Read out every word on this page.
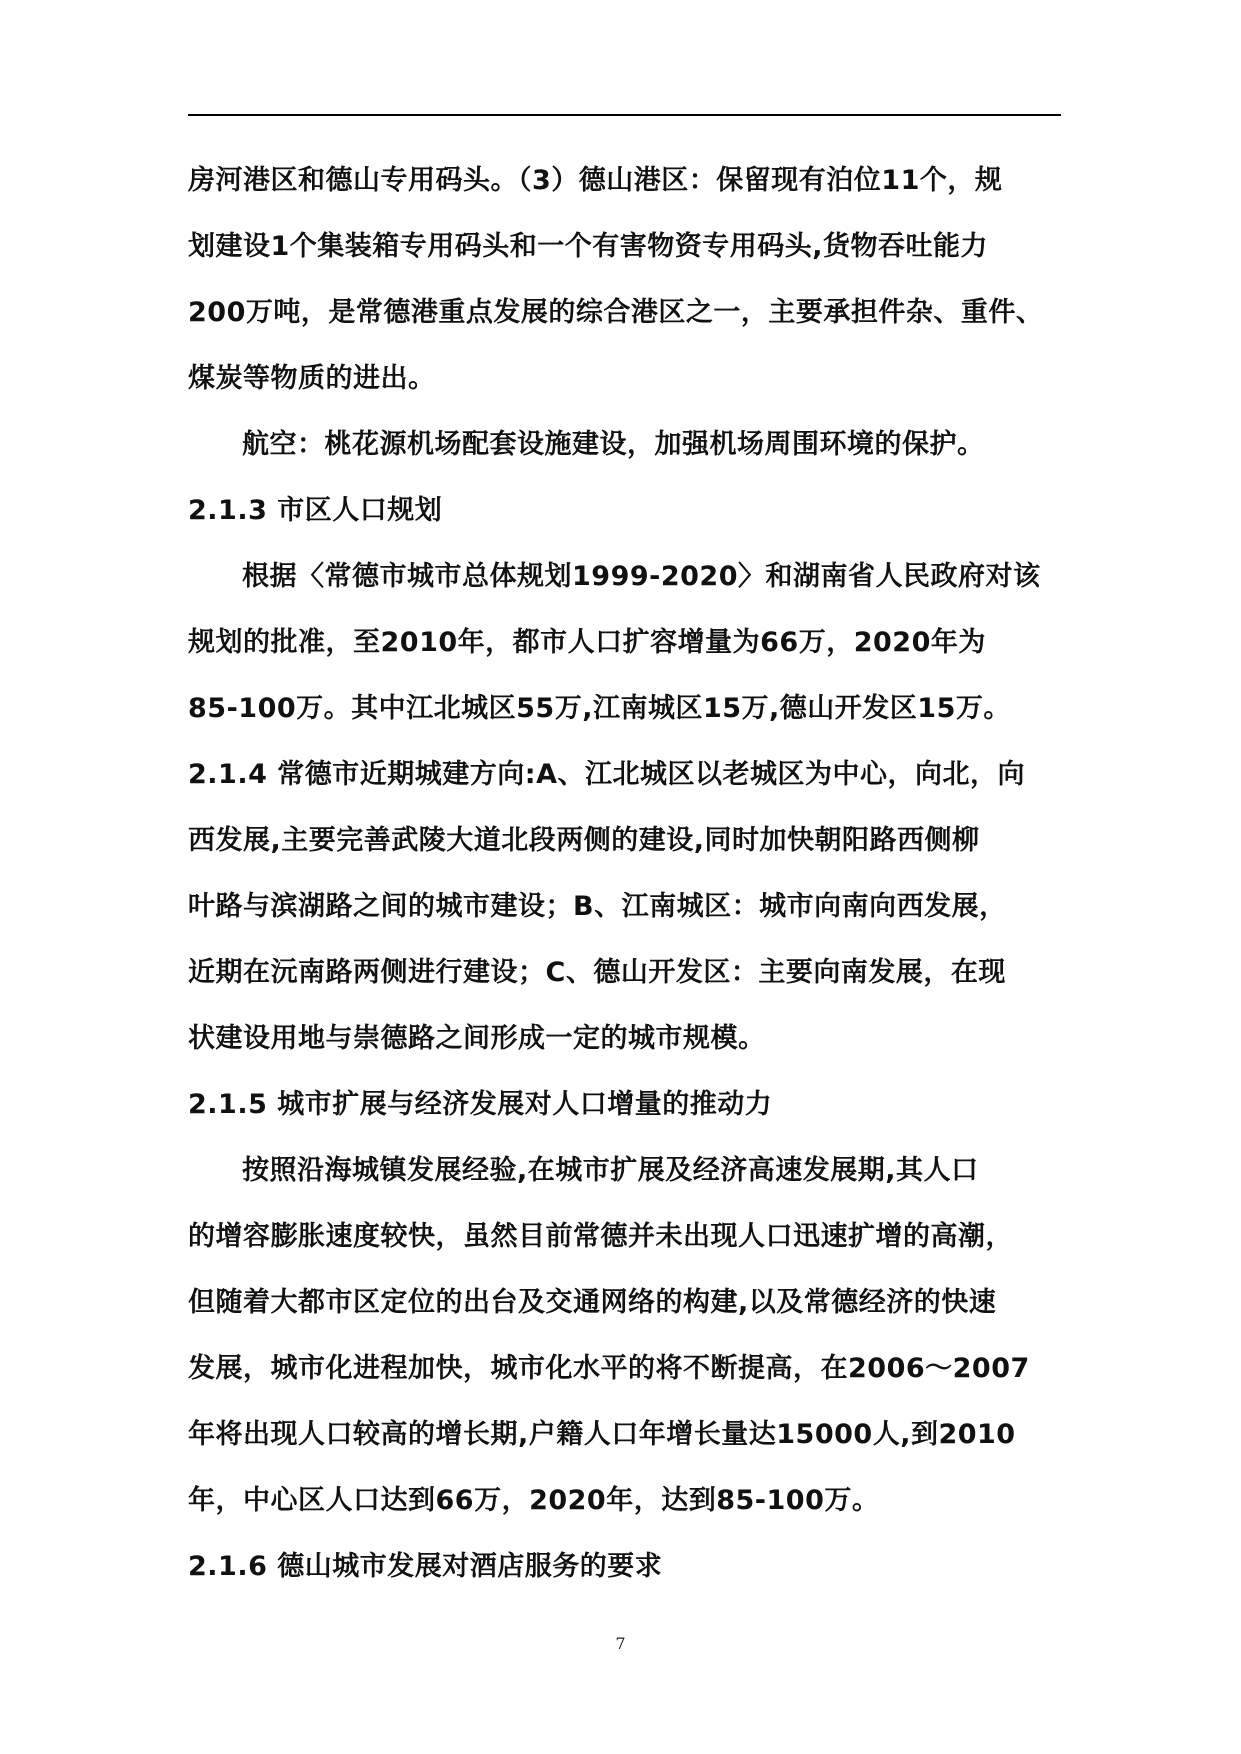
房河港区和德山专用码头。（3）德山港区：保留现有泊位11个，规
划建设1个集装箱专用码头和一个有害物资专用码头,货物吞吐能力
200万吨，是常德港重点发展的综合港区之一，主要承担件杂、重件、
煤炭等物质的进出。
航空：桃花源机场配套设施建设，加强机场周围环境的保护。
2.1.3 市区人口规划
根据〈常德市城市总体规划1999-2020〉和湖南省人民政府对该
规划的批准，至2010年，都市人口扩容增量为66万，2020年为
85-100万。其中江北城区55万,江南城区15万,德山开发区15万。
2.1.4 常德市近期城建方向:A、江北城区以老城区为中心，向北，向
西发展,主要完善武陵大道北段两侧的建设,同时加快朝阳路西侧柳
叶路与滨湖路之间的城市建设；B、江南城区：城市向南向西发展，
近期在沅南路两侧进行建设；C、德山开发区：主要向南发展，在现
状建设用地与崇德路之间形成一定的城市规模。
2.1.5 城市扩展与经济发展对人口增量的推动力
按照沿海城镇发展经验,在城市扩展及经济高速发展期,其人口
的增容膨胀速度较快，虽然目前常德并未出现人口迅速扩增的高潮，
但随着大都市区定位的出台及交通网络的构建,以及常德经济的快速
发展，城市化进程加快，城市化水平的将不断提高，在2006～2007
年将出现人口较高的增长期,户籍人口年增长量达15000人,到2010
年，中心区人口达到66万，2020年，达到85-100万。
2.1.6 德山城市发展对酒店服务的要求
7
